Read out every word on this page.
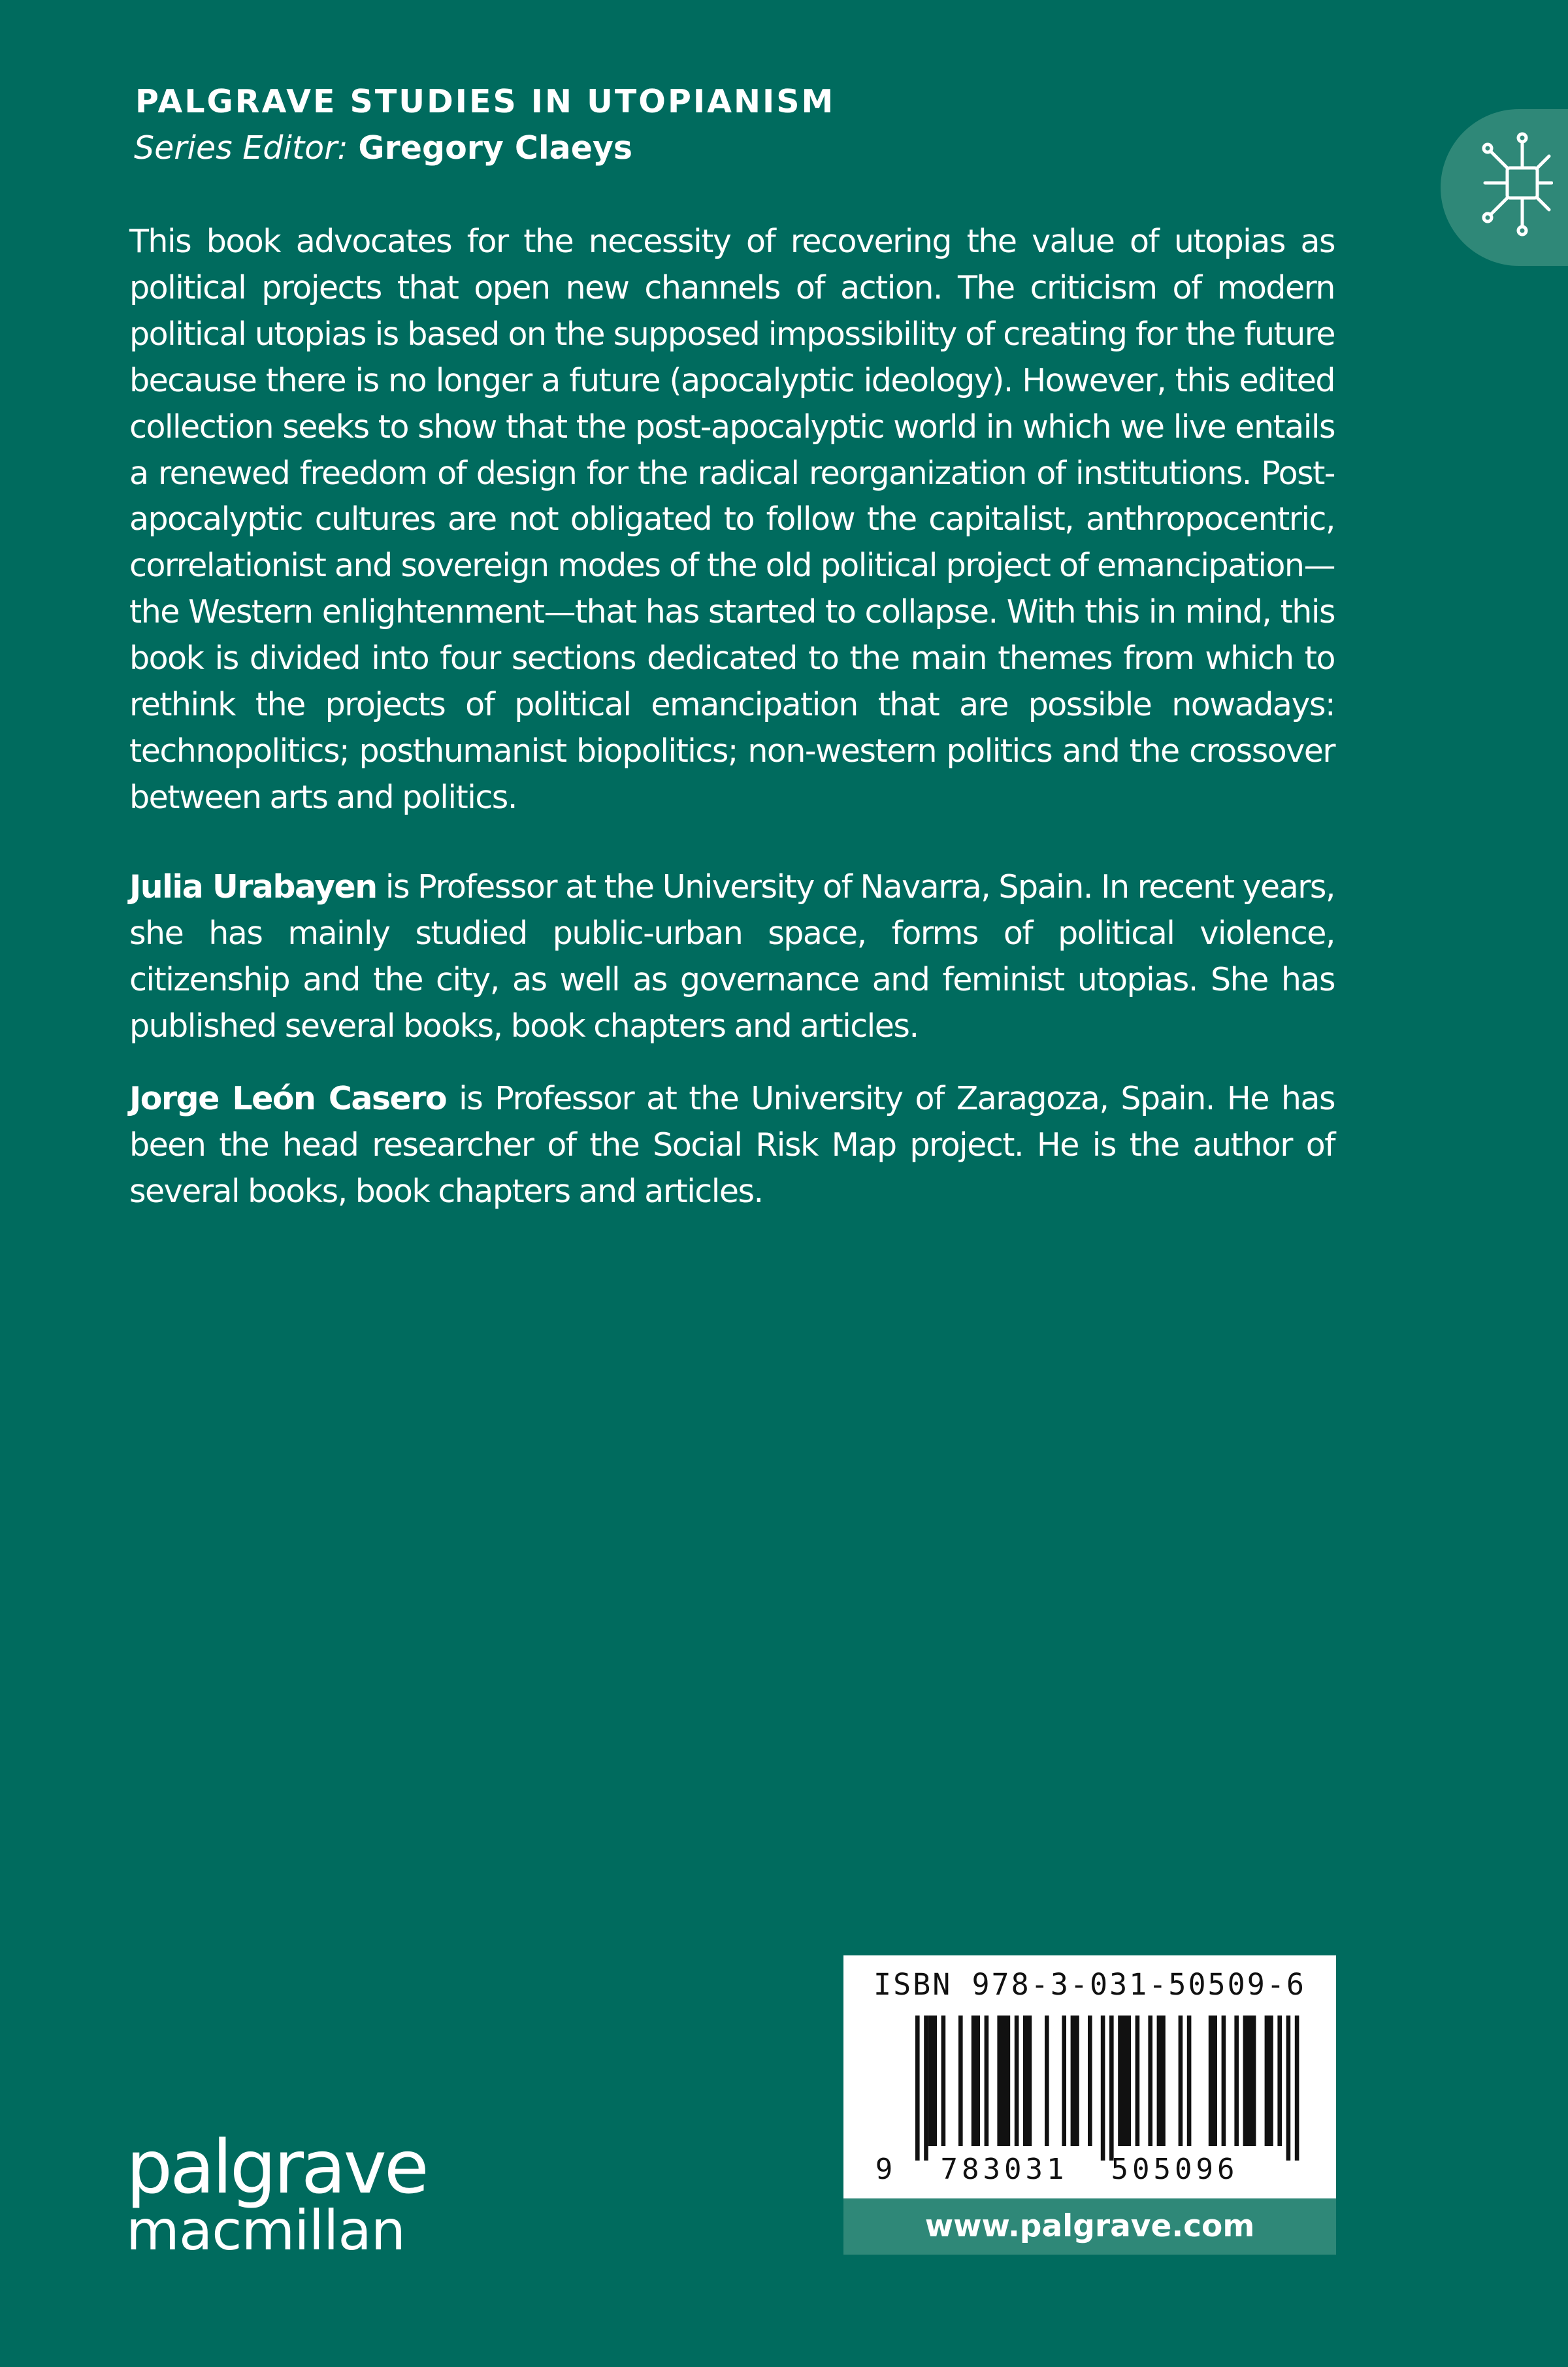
PALGRAVE STUDIES IN UTOPIANISM
Series Editor: Gregory Claeys
This book advocates for the necessity of recovering the value of utopias as political projects that open new channels of action. The criticism of modern political utopias is based on the supposed impossibility of creating for the future because there is no longer a future (apocalyptic ideology). However, this edited collection seeks to show that the post-apocalyptic world in which we live entails a renewed freedom of design for the radical reorganization of institutions. Post-apocalyptic cultures are not obligated to follow the capitalist, anthropocentric, correlationist and sovereign modes of the old political project of emancipation—the Western enlightenment—that has started to collapse. With this in mind, this book is divided into four sections dedicated to the main themes from which to rethink the projects of political emancipation that are possible nowadays: technopolitics; posthumanist biopolitics; non-western politics and the crossover between arts and politics.
Julia Urabayen is Professor at the University of Navarra, Spain. In recent years, she has mainly studied public-urban space, forms of political violence, citizenship and the city, as well as governance and feminist utopias. She has published several books, book chapters and articles.
Jorge León Casero is Professor at the University of Zaragoza, Spain. He has been the head researcher of the Social Risk Map project. He is the author of several books, book chapters and articles.
palgrave
macmillan
ISBN 978-3-031-50509-6
9 783031 505096
www.palgrave.com
